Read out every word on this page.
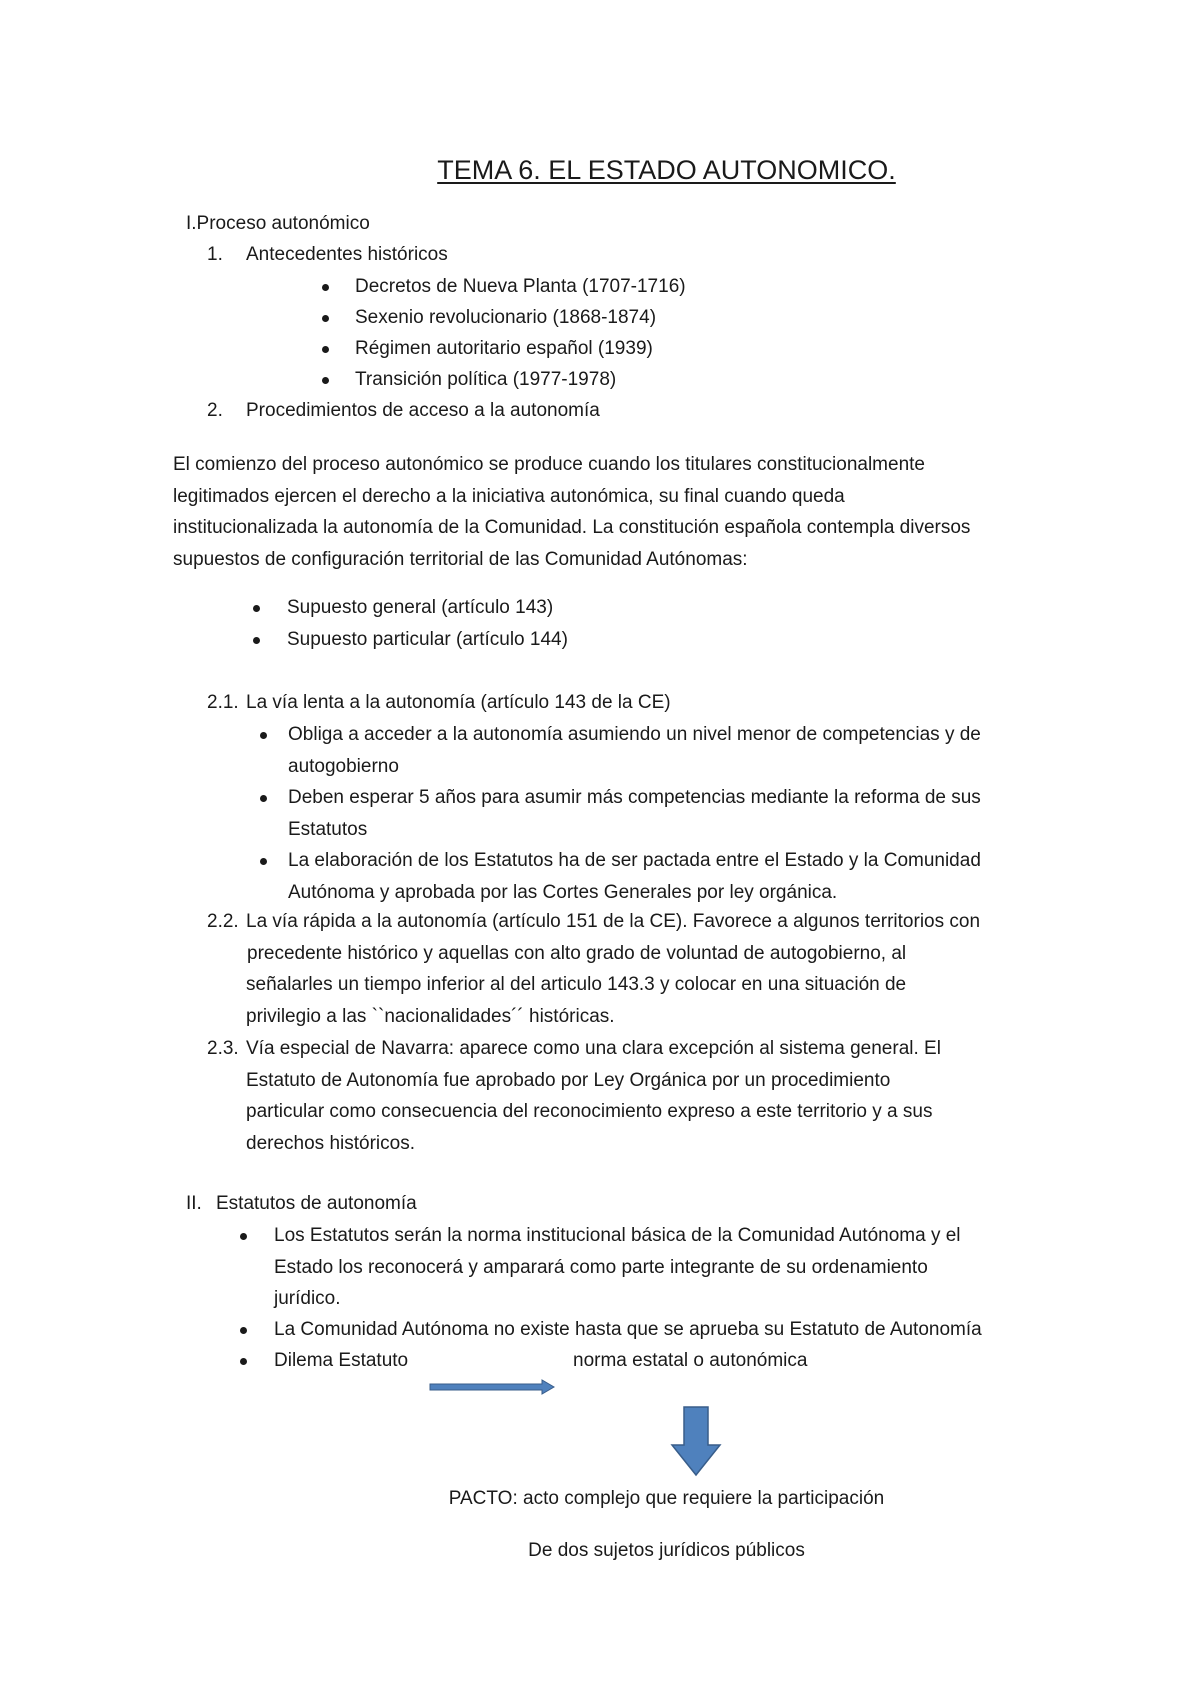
TEMA 6. EL ESTADO AUTONOMICO.
I.Proceso autonómico
1. Antecedentes históricos
Decretos de Nueva Planta (1707-1716)
Sexenio revolucionario (1868-1874)
Régimen autoritario español (1939)
Transición política (1977-1978)
2. Procedimientos de acceso a la autonomía
El comienzo del proceso autonómico se produce cuando los titulares constitucionalmente
legitimados ejercen el derecho a la iniciativa autonómica, su final cuando queda
institucionalizada la autonomía de la Comunidad. La constitución española contempla diversos
supuestos de configuración territorial de las Comunidad Autónomas:
Supuesto general (artículo 143)
Supuesto particular (artículo 144)
2.1. La vía lenta a la autonomía (artículo 143 de la CE)
Obliga a acceder a la autonomía asumiendo un nivel menor de competencias y de
autogobierno
Deben esperar 5 años para asumir más competencias mediante la reforma de sus
Estatutos
La elaboración de los Estatutos ha de ser pactada entre el Estado y la Comunidad
Autónoma y aprobada por las Cortes Generales por ley orgánica.
2.2. La vía rápida a la autonomía (artículo 151 de la CE). Favorece a algunos territorios con
precedente histórico y aquellas con alto grado de voluntad de autogobierno, al
señalarles un tiempo inferior al del articulo 143.3 y colocar en una situación de
privilegio a las ``nacionalidades´´ históricas.
2.3. Vía especial de Navarra: aparece como una clara excepción al sistema general. El
Estatuto de Autonomía fue aprobado por Ley Orgánica por un procedimiento
particular como consecuencia del reconocimiento expreso a este territorio y a sus
derechos históricos.
II. Estatutos de autonomía
Los Estatutos serán la norma institucional básica de la Comunidad Autónoma y el
Estado los reconocerá y amparará como parte integrante de su ordenamiento
jurídico.
La Comunidad Autónoma no existe hasta que se aprueba su Estatuto de Autonomía
Dilema Estatuto	norma estatal o autonómica
PACTO: acto complejo que requiere la participación
De dos sujetos jurídicos públicos
